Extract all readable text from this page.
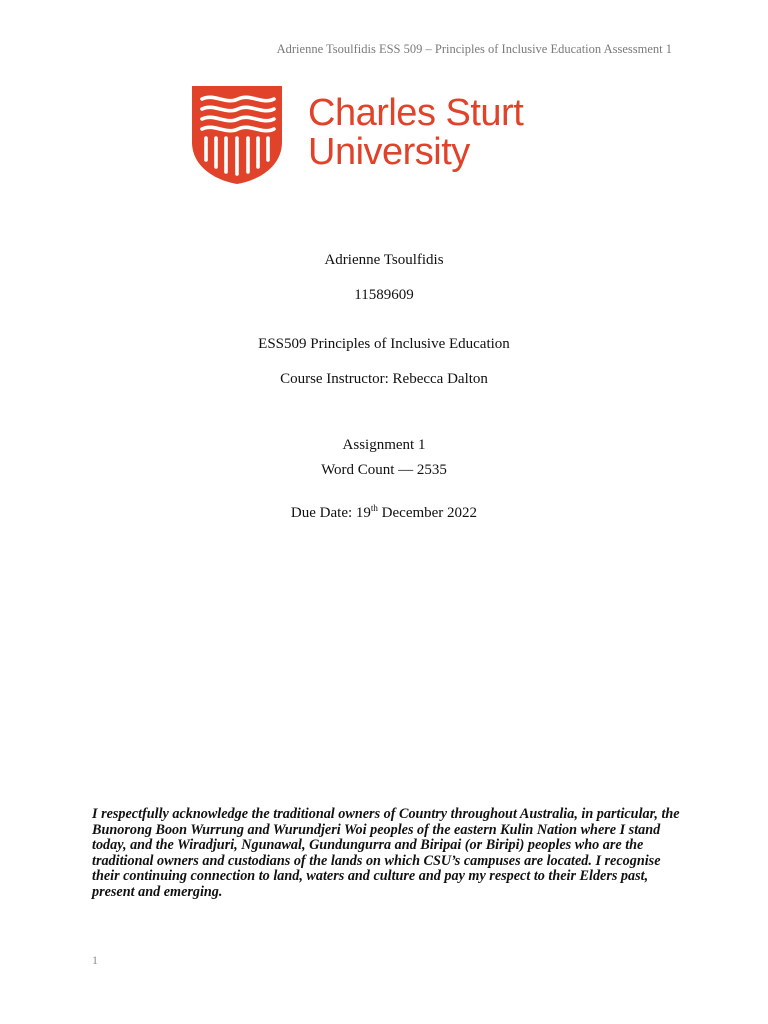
Adrienne Tsoulfidis ESS 509 – Principles of Inclusive Education Assessment 1
Charles Sturt
University
Adrienne Tsoulfidis
11589609
ESS509 Principles of Inclusive Education
Course Instructor: Rebecca Dalton
Assignment 1
Word Count — 2535
Due Date: 19th December 2022
I respectfully acknowledge the traditional owners of Country throughout Australia, in particular, the Bunorong Boon Wurrung and Wurundjeri Woi peoples of the eastern Kulin Nation where I stand today, and the Wiradjuri, Ngunawal, Gundungurra and Biripai (or Biripi) peoples who are the traditional owners and custodians of the lands on which CSU’s campuses are located. I recognise their continuing connection to land, waters and culture and pay my respect to their Elders past, present and emerging.
1
